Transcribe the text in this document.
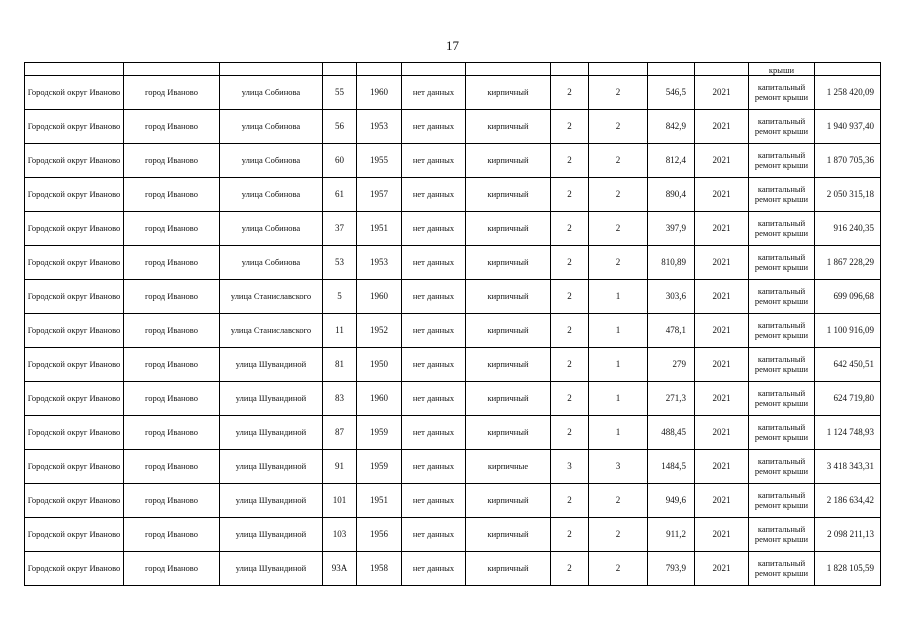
17
											крыши	
Городской округ Иваново	город Иваново	улица Собинова	55	1960	нет данных	кирпичный	2	2	546,5	2021	капитальный ремонт крыши	1 258 420,09
Городской округ Иваново	город Иваново	улица Собинова	56	1953	нет данных	кирпичный	2	2	842,9	2021	капитальный ремонт крыши	1 940 937,40
Городской округ Иваново	город Иваново	улица Собинова	60	1955	нет данных	кирпичный	2	2	812,4	2021	капитальный ремонт крыши	1 870 705,36
Городской округ Иваново	город Иваново	улица Собинова	61	1957	нет данных	кирпичный	2	2	890,4	2021	капитальный ремонт крыши	2 050 315,18
Городской округ Иваново	город Иваново	улица Собинова	37	1951	нет данных	кирпичный	2	2	397,9	2021	капитальный ремонт крыши	916 240,35
Городской округ Иваново	город Иваново	улица Собинова	53	1953	нет данных	кирпичный	2	2	810,89	2021	капитальный ремонт крыши	1 867 228,29
Городской округ Иваново	город Иваново	улица Станиславского	5	1960	нет данных	кирпичный	2	1	303,6	2021	капитальный ремонт крыши	699 096,68
Городской округ Иваново	город Иваново	улица Станиславского	11	1952	нет данных	кирпичный	2	1	478,1	2021	капитальный ремонт крыши	1 100 916,09
Городской округ Иваново	город Иваново	улица Шувандиной	81	1950	нет данных	кирпичный	2	1	279	2021	капитальный ремонт крыши	642 450,51
Городской округ Иваново	город Иваново	улица Шувандиной	83	1960	нет данных	кирпичный	2	1	271,3	2021	капитальный ремонт крыши	624 719,80
Городской округ Иваново	город Иваново	улица Шувандиной	87	1959	нет данных	кирпичный	2	1	488,45	2021	капитальный ремонт крыши	1 124 748,93
Городской округ Иваново	город Иваново	улица Шувандиной	91	1959	нет данных	кирпичные	3	3	1484,5	2021	капитальный ремонт крыши	3 418 343,31
Городской округ Иваново	город Иваново	улица Шувандиной	101	1951	нет данных	кирпичный	2	2	949,6	2021	капитальный ремонт крыши	2 186 634,42
Городской округ Иваново	город Иваново	улица Шувандиной	103	1956	нет данных	кирпичный	2	2	911,2	2021	капитальный ремонт крыши	2 098 211,13
Городской округ Иваново	город Иваново	улица Шувандиной	93А	1958	нет данных	кирпичный	2	2	793,9	2021	капитальный ремонт крыши	1 828 105,59
